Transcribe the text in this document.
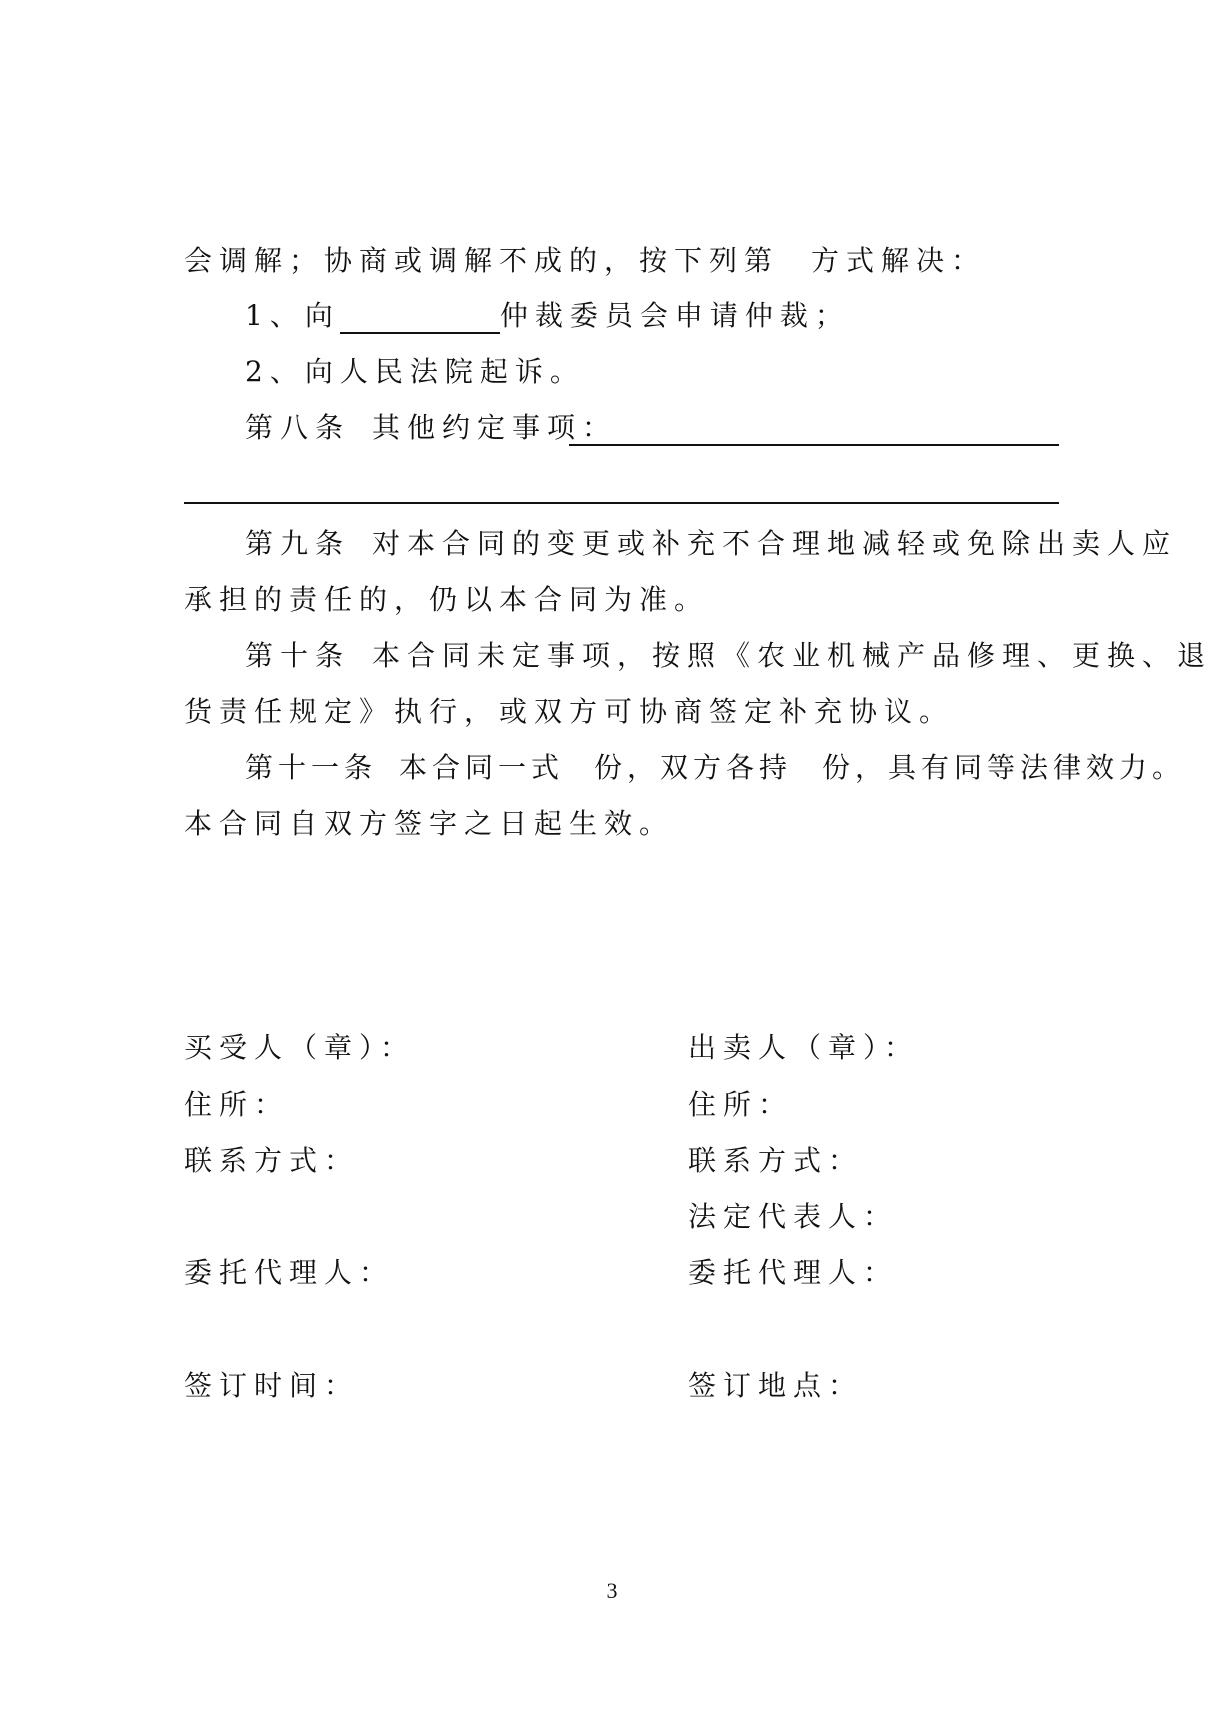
会调解；协商或调解不成的，按下列第 方式解决：
1、向	仲裁委员会申请仲裁；
2、向人民法院起诉。
第八条 其他约定事项：
第九条 对本合同的变更或补充不合理地减轻或免除出卖人应
承担的责任的，仍以本合同为准。
第十条 本合同未定事项，按照《农业机械产品修理、更换、退
货责任规定》执行，或双方可协商签定补充协议。
第十一条 本合同一式 份，双方各持 份，具有同等法律效力。
本合同自双方签字之日起生效。
买受人（章）：
住所：
联系方式：
委托代理人：
签订时间：
出卖人（章）：
住所：
联系方式：
法定代表人：
委托代理人：
签订地点：
3
